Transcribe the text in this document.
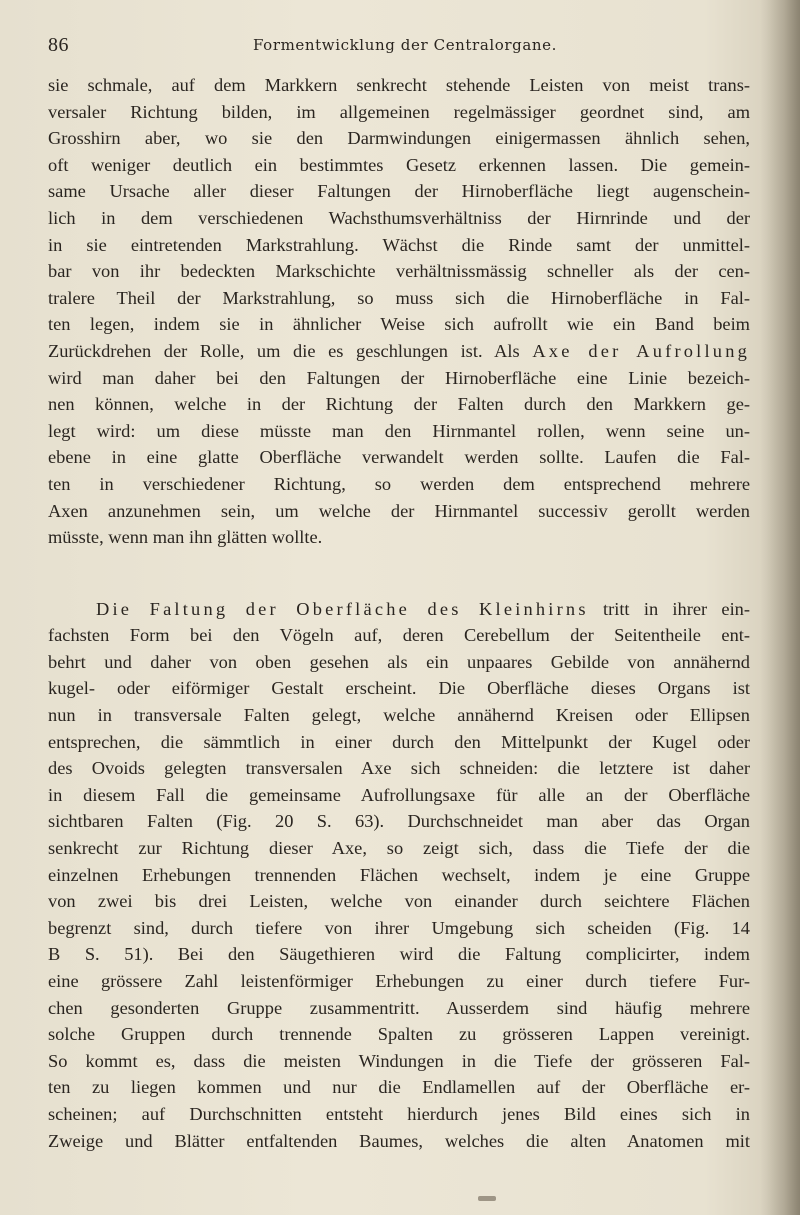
86	Formentwicklung der Centralorgane.
sie schmale, auf dem Markkern senkrecht stehende Leisten von meist trans-
versaler Richtung bilden, im allgemeinen regelmässiger geordnet sind, am
Grosshirn aber, wo sie den Darmwindungen einigermassen ähnlich sehen,
oft weniger deutlich ein bestimmtes Gesetz erkennen lassen. Die gemein-
same Ursache aller dieser Faltungen der Hirnoberfläche liegt augenschein-
lich in dem verschiedenen Wachsthumsverhältniss der Hirnrinde und der
in sie eintretenden Markstrahlung. Wächst die Rinde samt der unmittel-
bar von ihr bedeckten Markschichte verhältnissmässig schneller als der cen-
tralere Theil der Markstrahlung, so muss sich die Hirnoberfläche in Fal-
ten legen, indem sie in ähnlicher Weise sich aufrollt wie ein Band beim
Zurückdrehen der Rolle, um die es geschlungen ist. Als Axe der Aufrollung
wird man daher bei den Faltungen der Hirnoberfläche eine Linie bezeich-
nen können, welche in der Richtung der Falten durch den Markkern ge-
legt wird: um diese müsste man den Hirnmantel rollen, wenn seine un-
ebene in eine glatte Oberfläche verwandelt werden sollte. Laufen die Fal-
ten in verschiedener Richtung, so werden dem entsprechend mehrere
Axen anzunehmen sein, um welche der Hirnmantel successiv gerollt werden
müsste, wenn man ihn glätten wollte.
Die Faltung der Oberfläche des Kleinhirns tritt in ihrer ein-
fachsten Form bei den Vögeln auf, deren Cerebellum der Seitentheile ent-
behrt und daher von oben gesehen als ein unpaares Gebilde von annähernd
kugel- oder eiförmiger Gestalt erscheint. Die Oberfläche dieses Organs ist
nun in transversale Falten gelegt, welche annähernd Kreisen oder Ellipsen
entsprechen, die sämmtlich in einer durch den Mittelpunkt der Kugel oder
des Ovoids gelegten transversalen Axe sich schneiden: die letztere ist daher
in diesem Fall die gemeinsame Aufrollungsaxe für alle an der Oberfläche
sichtbaren Falten (Fig. 20 S. 63). Durchschneidet man aber das Organ
senkrecht zur Richtung dieser Axe, so zeigt sich, dass die Tiefe der die
einzelnen Erhebungen trennenden Flächen wechselt, indem je eine Gruppe
von zwei bis drei Leisten, welche von einander durch seichtere Flächen
begrenzt sind, durch tiefere von ihrer Umgebung sich scheiden (Fig. 14
B S. 51). Bei den Säugethieren wird die Faltung complicirter, indem
eine grössere Zahl leistenförmiger Erhebungen zu einer durch tiefere Fur-
chen gesonderten Gruppe zusammentritt. Ausserdem sind häufig mehrere
solche Gruppen durch trennende Spalten zu grösseren Lappen vereinigt.
So kommt es, dass die meisten Windungen in die Tiefe der grösseren Fal-
ten zu liegen kommen und nur die Endlamellen auf der Oberfläche er-
scheinen; auf Durchschnitten entsteht hierdurch jenes Bild eines sich in
Zweige und Blätter entfaltenden Baumes, welches die alten Anatomen mit
